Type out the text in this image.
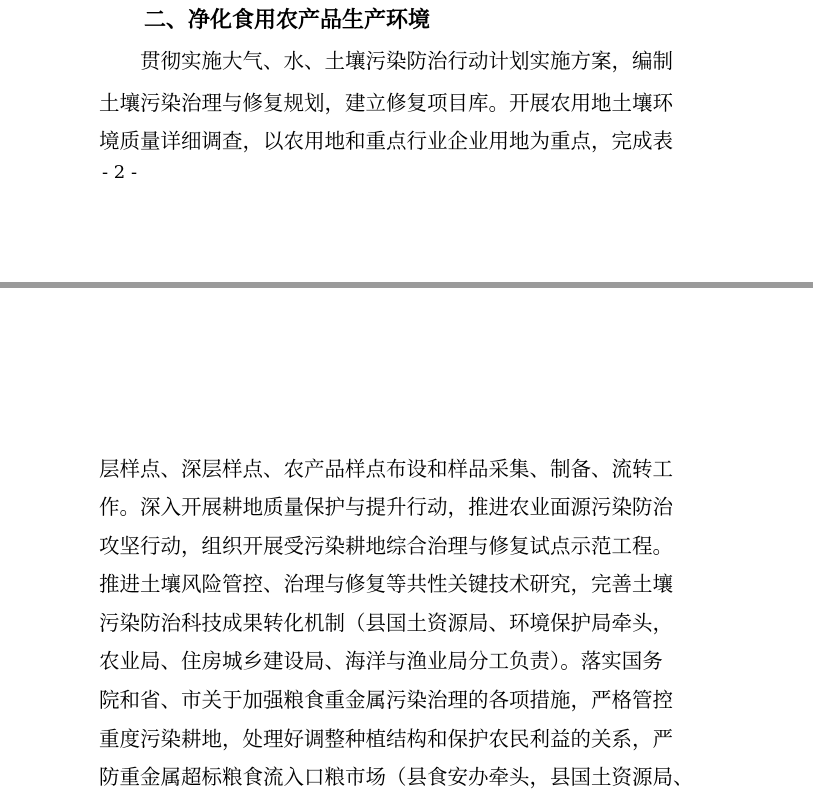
二、净化食用农产品生产环境
　　贯彻实施大气、水、土壤污染防治行动计划实施方案，编制
土壤污染治理与修复规划，建立修复项目库。开展农用地土壤环
境质量详细调查，以农用地和重点行业企业用地为重点，完成表
- 2 -
层样点、深层样点、农产品样点布设和样品采集、制备、流转工
作。深入开展耕地质量保护与提升行动，推进农业面源污染防治
攻坚行动，组织开展受污染耕地综合治理与修复试点示范工程。
推进土壤风险管控、治理与修复等共性关键技术研究，完善土壤
污染防治科技成果转化机制（县国土资源局、环境保护局牵头，
农业局、住房城乡建设局、海洋与渔业局分工负责）。落实国务
院和省、市关于加强粮食重金属污染治理的各项措施，严格管控
重度污染耕地，处理好调整种植结构和保护农民利益的关系，严
防重金属超标粮食流入口粮市场（县食安办牵头，县国土资源局、
